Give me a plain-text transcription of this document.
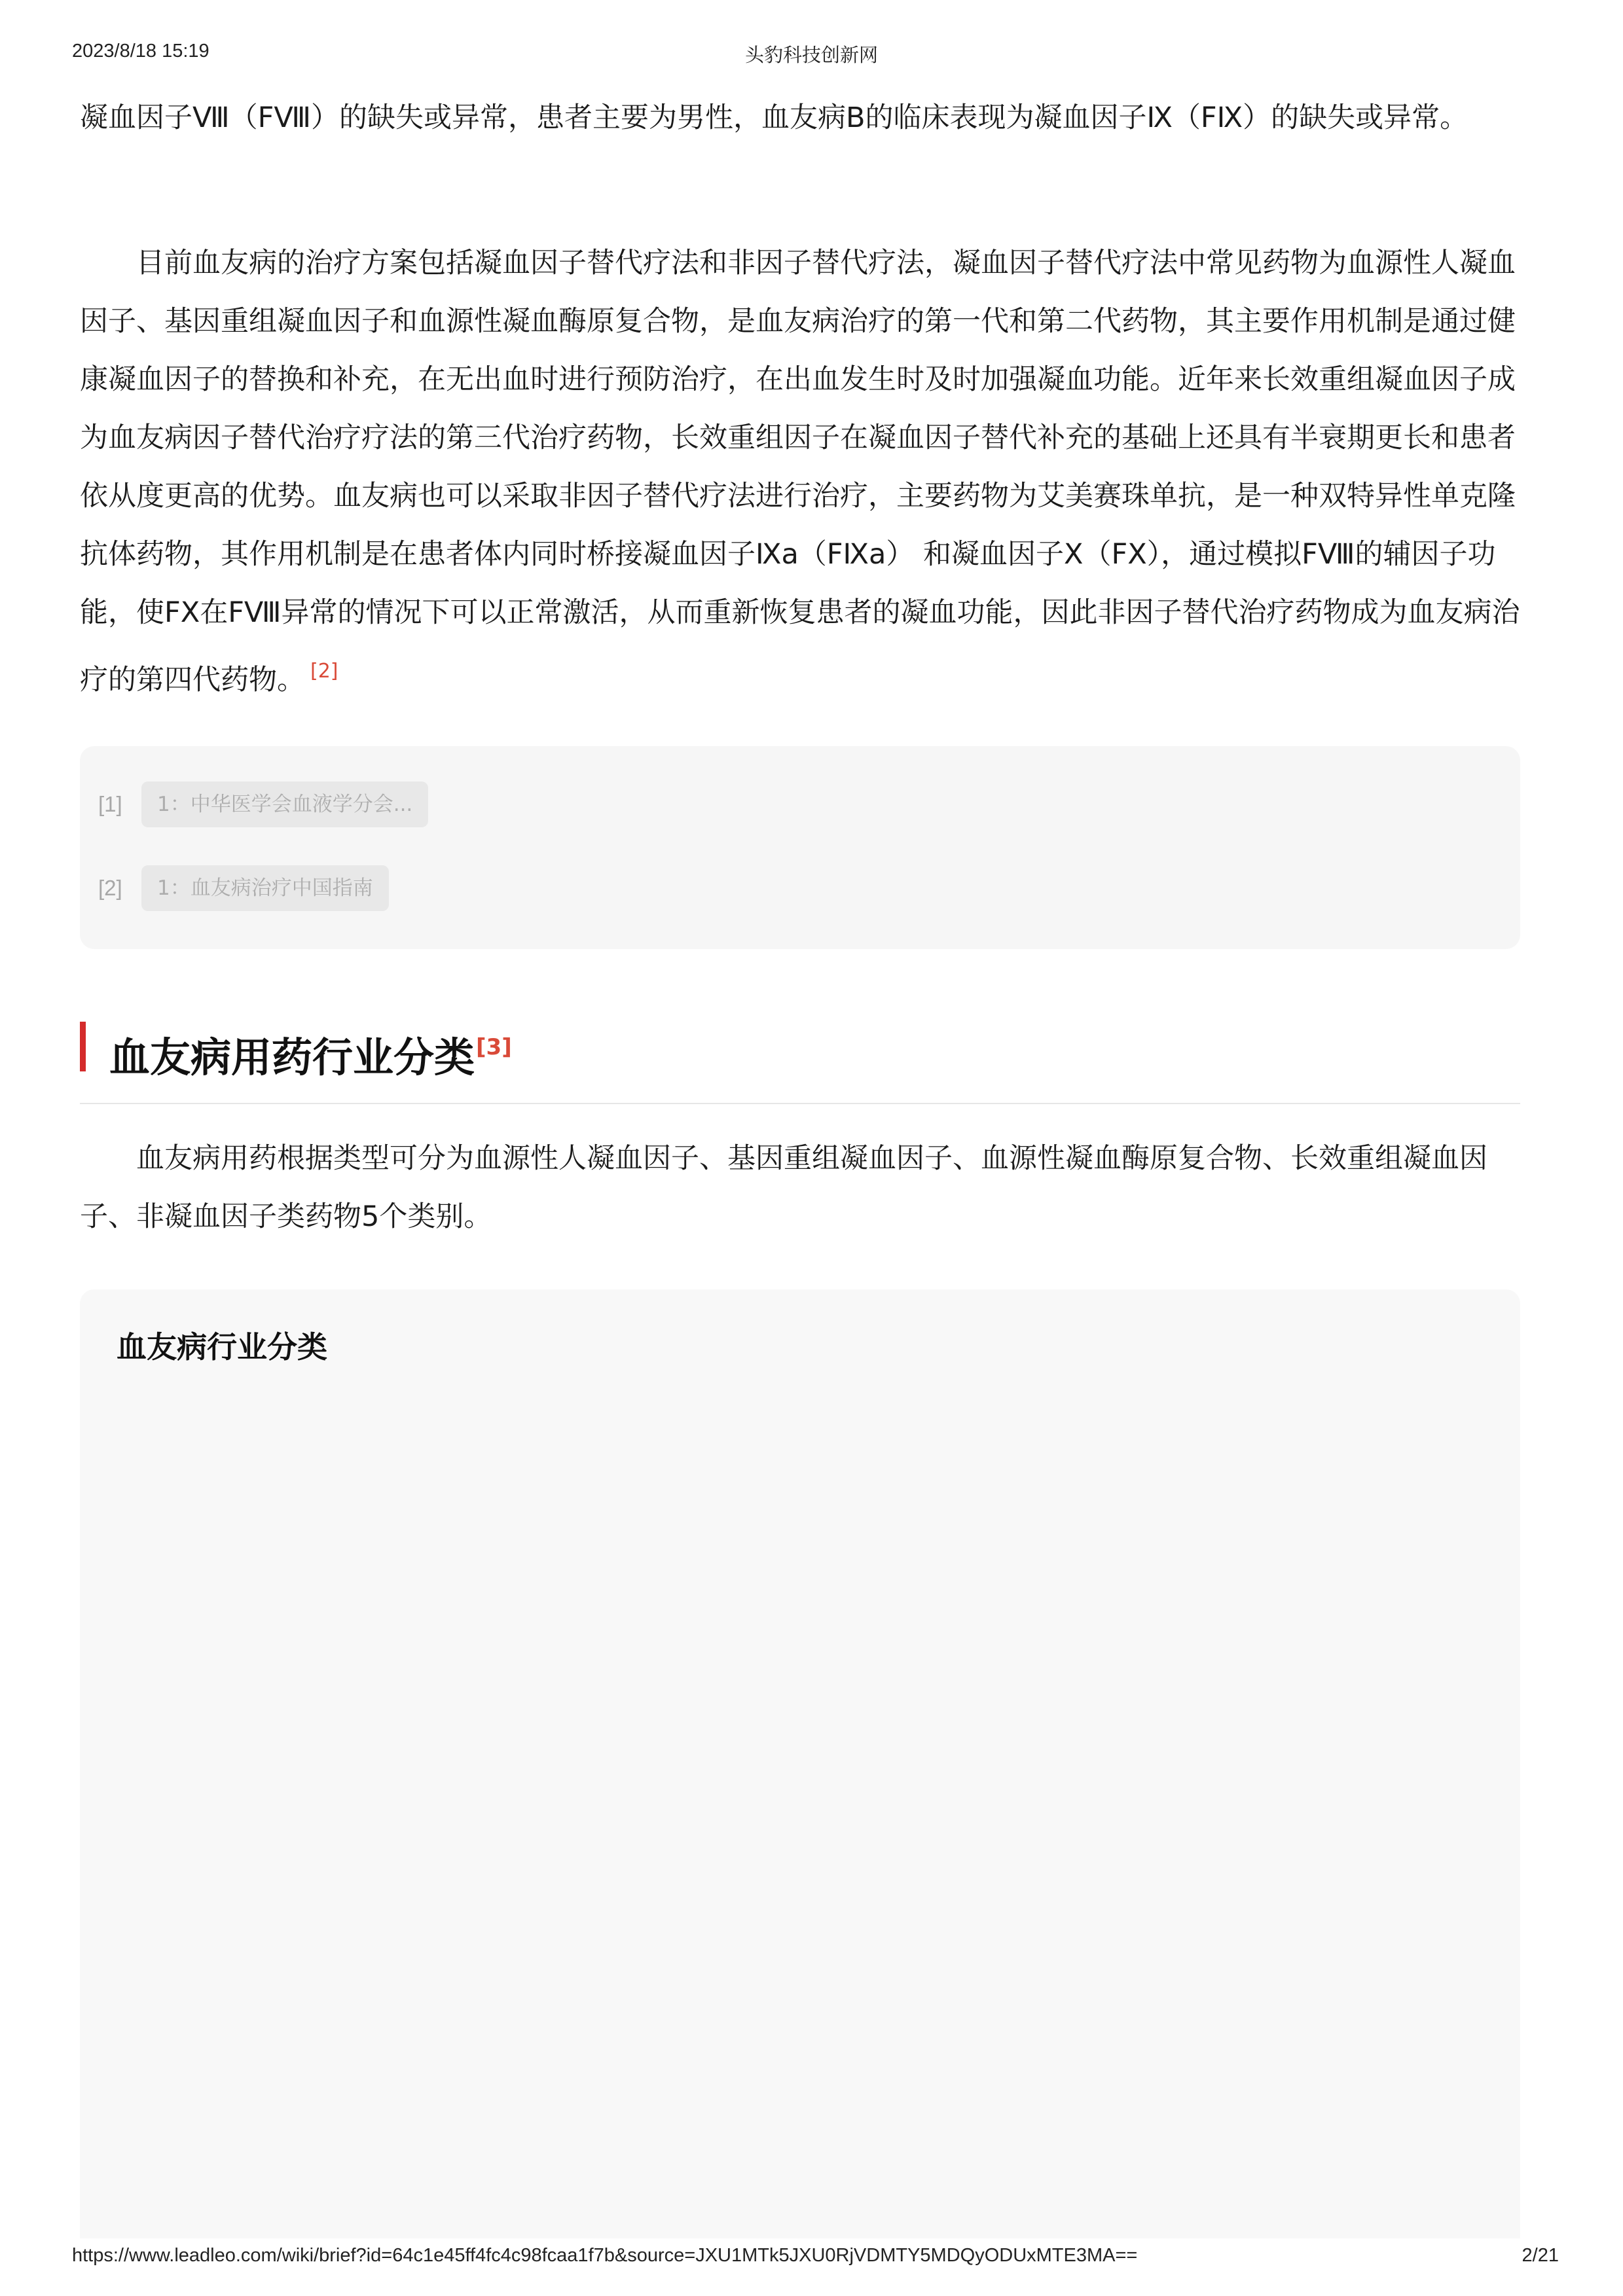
2023/8/18 15:19	头豹科技创新网

凝血因子Ⅷ（FⅧ）的缺失或异常，患者主要为男性，血友病B的临床表现为凝血因子Ⅸ（FⅨ）的缺失或异常。

目前血友病的治疗方案包括凝血因子替代疗法和非因子替代疗法，凝血因子替代疗法中常见药物为血源性人凝血因子、基因重组凝血因子和血源性凝血酶原复合物，是血友病治疗的第一代和第二代药物，其主要作用机制是通过健康凝血因子的替换和补充，在无出血时进行预防治疗，在出血发生时及时加强凝血功能。近年来长效重组凝血因子成为血友病因子替代治疗疗法的第三代治疗药物，长效重组因子在凝血因子替代补充的基础上还具有半衰期更长和患者依从度更高的优势。血友病也可以采取非因子替代疗法进行治疗，主要药物为艾美赛珠单抗，是一种双特异性单克隆抗体药物，其作用机制是在患者体内同时桥接凝血因子Ⅸa（FⅨa） 和凝血因子Ⅹ（FⅩ），通过模拟FⅧ的辅因子功能，使FⅩ在FⅧ异常的情况下可以正常激活，从而重新恢复患者的凝血功能，因此非因子替代治疗药物成为血友病治疗的第四代药物。 [2]

[1]	1：中华医学会血液学分会...
[2]	1：血友病治疗中国指南
血友病用药行业分类[3]

血友病用药根据类型可分为血源性人凝血因子、基因重组凝血因子、血源性凝血酶原复合物、长效重组凝血因子、非凝血因子类药物5个类别。

血友病行业分类
https://www.leadleo.com/wiki/brief?id=64c1e45ff4fc4c98fcaa1f7b&source=JXU1MTk5JXU0RjVDMTY5MDQyODUxMTE3MA==	2/21
